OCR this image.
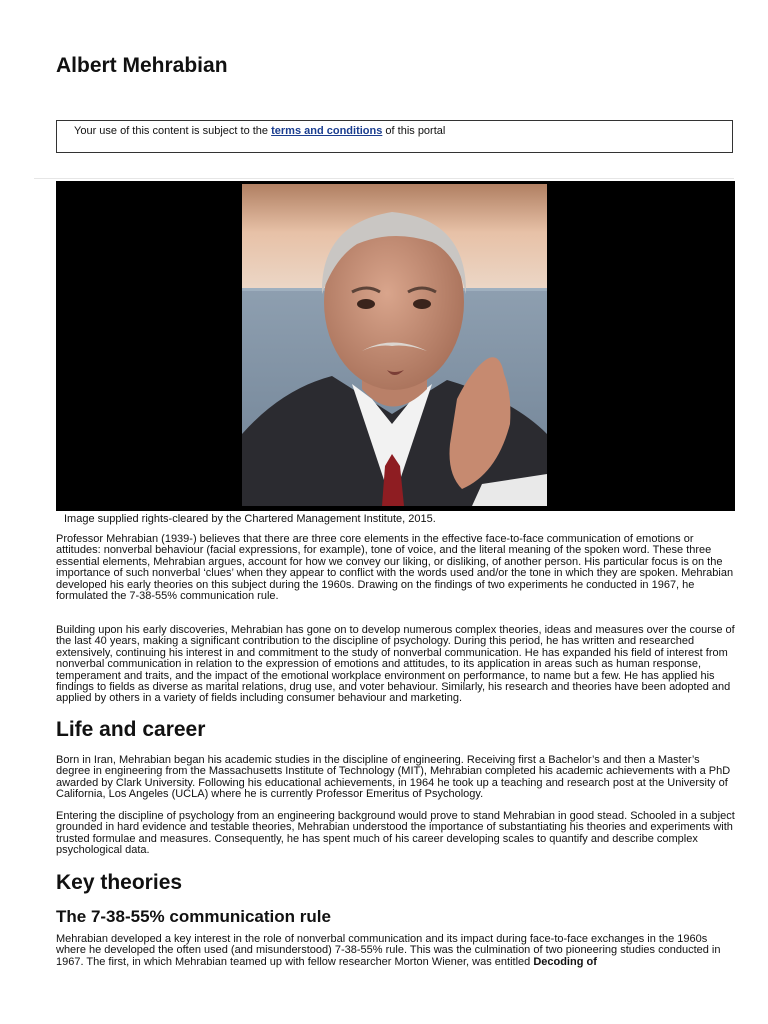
Albert Mehrabian
Your use of this content is subject to the terms and conditions of this portal

Image supplied rights-cleared by the Chartered Management Institute, 2015.

Professor Mehrabian (1939-) believes that there are three core elements in the effective face-to-face communication of emotions or attitudes: nonverbal behaviour (facial expressions, for example), tone of voice, and the literal meaning of the spoken word. These three essential elements, Mehrabian argues, account for how we convey our liking, or disliking, of another person. His particular focus is on the importance of such nonverbal ‘clues’ when they appear to conflict with the words used and/or the tone in which they are spoken. Mehrabian developed his early theories on this subject during the 1960s. Drawing on the findings of two experiments he conducted in 1967, he formulated the 7-38-55% communication rule.

Building upon his early discoveries, Mehrabian has gone on to develop numerous complex theories, ideas and measures over the course of the last 40 years, making a significant contribution to the discipline of psychology. During this period, he has written and researched extensively, continuing his interest in and commitment to the study of nonverbal communication. He has expanded his field of interest from nonverbal communication in relation to the expression of emotions and attitudes, to its application in areas such as human response, temperament and traits, and the impact of the emotional workplace environment on performance, to name but a few. He has applied his findings to fields as diverse as marital relations, drug use, and voter behaviour. Similarly, his research and theories have been adopted and applied by others in a variety of fields including consumer behaviour and marketing.

Life and career

Born in Iran, Mehrabian began his academic studies in the discipline of engineering. Receiving first a Bachelor’s and then a Master’s degree in engineering from the Massachusetts Institute of Technology (MIT), Mehrabian completed his academic achievements with a PhD awarded by Clark University. Following his educational achievements, in 1964 he took up a teaching and research post at the University of California, Los Angeles (UCLA) where he is currently Professor Emeritus of Psychology.

Entering the discipline of psychology from an engineering background would prove to stand Mehrabian in good stead. Schooled in a subject grounded in hard evidence and testable theories, Mehrabian understood the importance of substantiating his theories and experiments with trusted formulae and measures. Consequently, he has spent much of his career developing scales to quantify and describe complex psychological data.

Key theories
The 7-38-55% communication rule

Mehrabian developed a key interest in the role of nonverbal communication and its impact during face-to-face exchanges in the 1960s where he developed the often used (and misunderstood) 7-38-55% rule. This was the culmination of two pioneering studies conducted in 1967. The first, in which Mehrabian teamed up with fellow researcher Morton Wiener, was entitled Decoding of
